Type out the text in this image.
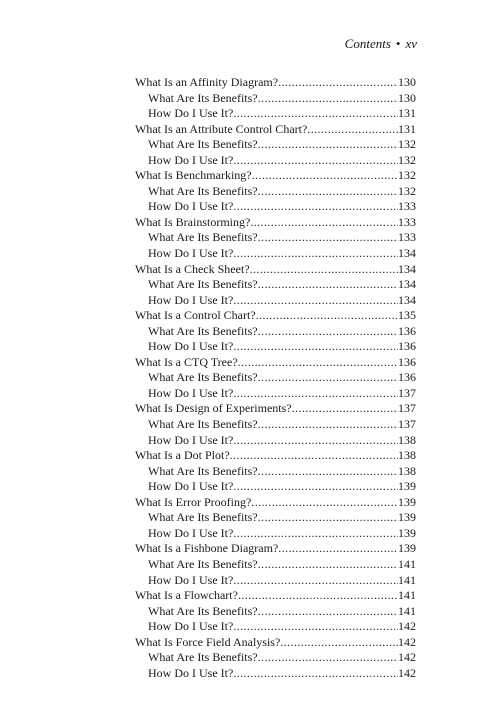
Contents • xv
What Is an Affinity Diagram? .....	130
What Are Its Benefits? .....	130
How Do I Use It? .....	131
What Is an Attribute Control Chart? .....	131
What Are Its Benefits? .....	132
How Do I Use It? .....	132
What Is Benchmarking? .....	132
What Are Its Benefits? .....	132
How Do I Use It? .....	133
What Is Brainstorming? .....	133
What Are Its Benefits? .....	133
How Do I Use It? .....	134
What Is a Check Sheet? .....	134
What Are Its Benefits? .....	134
How Do I Use It? .....	134
What Is a Control Chart? .....	135
What Are Its Benefits? .....	136
How Do I Use It? .....	136
What Is a CTQ Tree? .....	136
What Are Its Benefits? .....	136
How Do I Use It? .....	137
What Is Design of Experiments? .....	137
What Are Its Benefits? .....	137
How Do I Use It? .....	138
What Is a Dot Plot? .....	138
What Are Its Benefits? .....	138
How Do I Use It? .....	139
What Is Error Proofing? .....	139
What Are Its Benefits? .....	139
How Do I Use It? .....	139
What Is a Fishbone Diagram? .....	139
What Are Its Benefits? .....	141
How Do I Use It? .....	141
What Is a Flowchart? .....	141
What Are Its Benefits? .....	141
How Do I Use It? .....	142
What Is Force Field Analysis? .....	142
What Are Its Benefits? .....	142
How Do I Use It? .....	142
